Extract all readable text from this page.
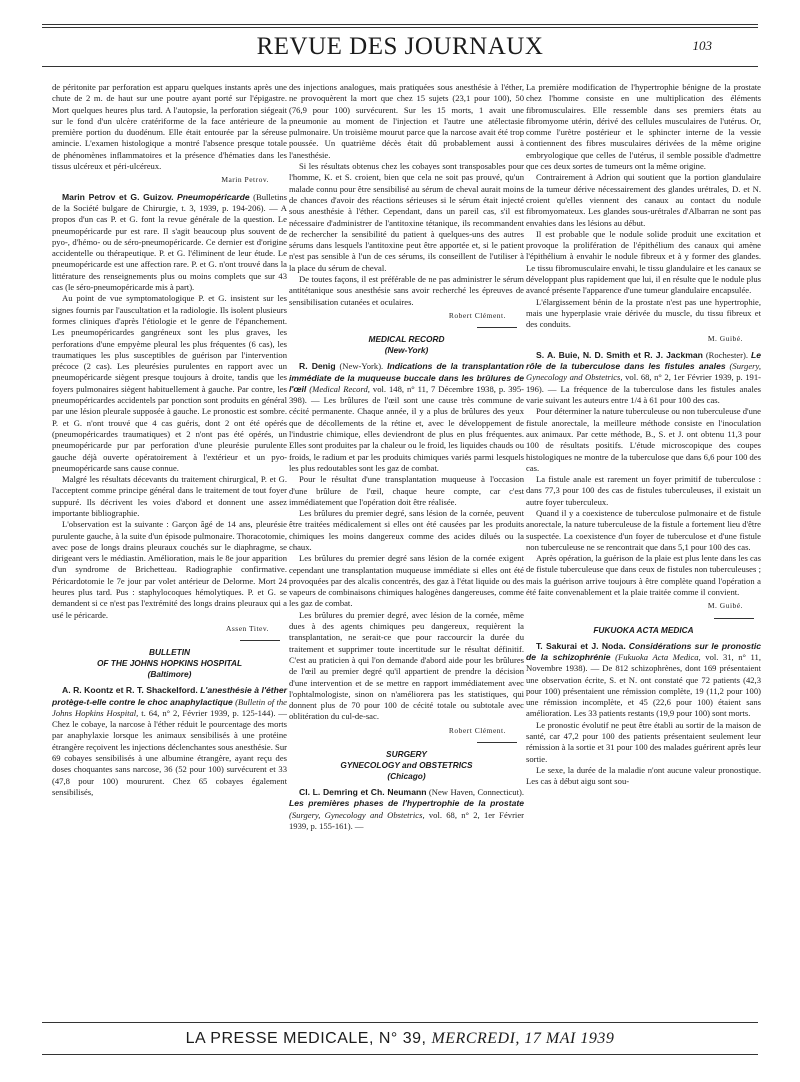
REVUE DES JOURNAUX	103

de péritonite par perforation est apparu quelques instants après une chute de 2 m. de haut sur une poutre ayant porté sur l'épigastre. Mort quelques heures plus tard. A l'autopsie, la perforation siégeait sur le fond d'un ulcère cratériforme de la face antérieure de la première portion du duodénum. Elle était entourée par la séreuse amincie. L'examen histologique a montré l'absence presque totale de phénomènes inflammatoires et la présence d'hématies dans les tissus ulcéreux et péri-ulcéreux.

Marin Petrov.

Marin Petrov et G. Guizov. Pneumopéricarde (Bulletins de la Société bulgare de Chirurgie, t. 3, 1939, p. 194-206). — A propos d'un cas P. et G. font la revue générale de la question. Le pneumopéricarde pur est rare. Il s'agit beaucoup plus souvent de pyo-, d'hémo- ou de séro-pneumopéricarde. Ce dernier est d'origine accidentelle ou thérapeutique. P. et G. l'éliminent de leur étude. Le pneumopéricarde est une affection rare. P. et G. n'ont trouvé dans la littérature des renseignements plus ou moins complets que sur 43 cas (le séro-pneumopéricarde mis à part).

Au point de vue symptomatologique P. et G. insistent sur les signes fournis par l'auscultation et la radiologie. Ils isolent plusieurs formes cliniques d'après l'étiologie et le genre de l'épanchement. Les pneumopéricardes gangréneux sont les plus graves, les perforations d'une empyème pleural les plus fréquentes (6 cas), les traumatiques les plus susceptibles de guérison par l'intervention précoce (2 cas). Les pleurésies purulentes en rapport avec un pneumopéricarde siègent presque toujours à droite, tandis que les foyers pulmonaires siègent habituellement à gauche. Par contre, les pneumopéricardes accidentels par ponction sont produits en général par une lésion pleurale supposée à gauche. Le pronostic est sombre. P. et G. n'ont trouvé que 4 cas guéris, dont 2 ont été opérés (pneumopéricardes traumatiques) et 2 n'ont pas été opérés, un pneumopéricarde pur par perforation d'une pleurésie purulente gauche déjà ouverte opératoirement à l'extérieur et un pyo-pneumopéricarde sans cause connue.

Malgré les résultats décevants du traitement chirurgical, P. et G. l'acceptent comme principe général dans le traitement de tout foyer suppuré. Ils décrivent les voies d'abord et donnent une assez importante bibliographie.

L'observation est la suivante : Garçon âgé de 14 ans, pleurésie purulente gauche, à la suite d'un épisode pulmonaire. Thoracotomie, avec pose de longs drains pleuraux couchés sur le diaphragme, se dirigeant vers le médiastin. Amélioration, mais le 8e jour apparition d'un syndrome de Brichetteau. Radiographie confirmative. Péricardotomie le 7e jour par volet antérieur de Delorme. Mort 24 heures plus tard. Pus : staphylocoques hémolytiques. P. et G. se demandent si ce n'est pas l'extrémité des longs drains pleuraux qui a usé le péricarde.

Assen Titev.
BULLETIN
OF THE JOHNS HOPKINS HOSPITAL
(Baltimore)

A. R. Koontz et R. T. Shackelford. L'anesthésie à l'éther protège-t-elle contre le choc anaphylactique (Bulletin of the Johns Hopkins Hospital, t. 64, n° 2, Février 1939, p. 125-144). — Chez le cobaye, la narcose à l'éther réduit le pourcentage des morts par anaphylaxie lorsque les animaux sensibilisés à une protéine étrangère reçoivent les injections déclenchantes sous anesthésie. Sur 69 cobayes sensibilisés à une albumine étrangère, ayant reçu des doses choquantes sans narcose, 36 (52 pour 100) survécurent et 33 (47,8 pour 100) moururent. Chez 65 cobayes également sensibilisés,

des injections analogues, mais pratiquées sous anesthésie à l'éther, ne provoquèrent la mort que chez 15 sujets (23,1 pour 100), 50 (76,9 pour 100) survécurent. Sur les 15 morts, 1 avait une pneumonie au moment de l'injection et l'autre une atélectasie pulmonaire. Un troisième mourut parce que la narcose avait été trop poussée. Un quatrième décès était dû probablement aussi à l'anesthésie.

Si les résultats obtenus chez les cobayes sont transposables pour l'homme, K. et S. croient, bien que cela ne soit pas prouvé, qu'un malade connu pour être sensibilisé au sérum de cheval aurait moins de chances d'avoir des réactions sérieuses si le sérum était injecté sous anesthésie à l'éther. Cependant, dans un pareil cas, s'il est nécessaire d'administrer de l'antitoxine tétanique, ils recommandent de rechercher la sensibilité du patient à quelques-uns des autres sérums dans lesquels l'antitoxine peut être apportée et, si le patient n'est pas sensible à l'un de ces sérums, ils conseillent de l'utiliser à la place du sérum de cheval.

De toutes façons, il est préférable de ne pas administrer le sérum antitétanique sous anesthésie sans avoir recherché les épreuves de sensibilisation cutanées et oculaires.

Robert Clément.
MEDICAL RECORD
(New-York)

R. Denig (New-York). Indications de la transplantation immédiate de la muqueuse buccale dans les brûlures de l'œil (Medical Record, vol. 148, n° 11, 7 Décembre 1938, p. 395-398). — Les brûlures de l'œil sont une cause très commune de cécité permanente. Chaque année, il y a plus de brûlures des yeux que de décollements de la rétine et, avec le développement de l'industrie chimique, elles deviendront de plus en plus fréquentes. Elles sont produites par la chaleur ou le froid, les liquides chauds ou froids, le radium et par les produits chimiques variés parmi lesquels les plus redoutables sont les gaz de combat.

Pour le résultat d'une transplantation muqueuse à l'occasion d'une brûlure de l'œil, chaque heure compte, car c'est immédiatement que l'opération doit être réalisée.

Les brûlures du premier degré, sans lésion de la cornée, peuvent être traitées médicalement si elles ont été causées par les produits chimiques les moins dangereux comme des acides dilués ou la chaux.

Les brûlures du premier degré sans lésion de la cornée exigent cependant une transplantation muqueuse immédiate si elles ont été provoquées par des alcalis concentrés, des gaz à l'état liquide ou des vapeurs de combinaisons chimiques halogènes dangereuses, comme les gaz de combat.

Les brûlures du premier degré, avec lésion de la cornée, même dues à des agents chimiques peu dangereux, requièrent la transplantation, ne serait-ce que pour raccourcir la durée du traitement et supprimer toute incertitude sur le résultat définitif. C'est au praticien à qui l'on demande d'abord aide pour les brûlures de l'œil au premier degré qu'il appartient de prendre la décision d'une intervention et de se mettre en rapport immédiatement avec l'ophtalmologiste, sinon on n'améliorera pas les statistiques, qui donnent plus de 70 pour 100 de cécité totale ou subtotale avec oblitération du cul-de-sac.

Robert Clément.
SURGERY
GYNECOLOGY and OBSTETRICS
(Chicago)

Cl. L. Demring et Ch. Neumann (New Haven, Connecticut). Les premières phases de l'hypertrophie de la prostate (Surgery, Gynecology and Obstetrics, vol. 68, n° 2, 1er Février 1939, p. 155-161). —

La première modification de l'hypertrophie bénigne de la prostate chez l'homme consiste en une multiplication des éléments fibromusculaires. Elle ressemble dans ses premiers états au fibromyome utérin, dérivé des cellules musculaires de l'utérus. Or, comme l'urètre postérieur et le sphincter interne de la vessie contiennent des fibres musculaires dérivées de la même origine embryologique que celles de l'utérus, il semble possible d'admettre que ces deux sortes de tumeurs ont la même origine.

Contrairement à Adrion qui soutient que la portion glandulaire de la tumeur dérive nécessairement des glandes urétrales, D. et N. croient qu'elles viennent des canaux au contact du nodule fibromyomateux. Les glandes sous-urétrales d'Albarran ne sont pas envahies dans les lésions au début.

Il est probable que le nodule solide produit une excitation et provoque la prolifération de l'épithélium des canaux qui amène l'épithélium à envahir le nodule fibreux et à y former des glandes. Le tissu fibromusculaire envahi, le tissu glandulaire et les canaux se développant plus rapidement que lui, il en résulte que le nodule plus avancé présente l'apparence d'une tumeur glandulaire encapsulée.

L'élargissement bénin de la prostate n'est pas une hypertrophie, mais une hyperplasie vraie dérivée du muscle, du tissu fibreux et des conduits.

M. Guibé.

S. A. Buie, N. D. Smith et R. J. Jackman (Rochester). Le rôle de la tuberculose dans les fistules anales (Surgery, Gynecology and Obstetrics, vol. 68, n° 2, 1er Février 1939, p. 191-196). — La fréquence de la tuberculose dans les fistules anales varie suivant les auteurs entre 1/4 à 61 pour 100 des cas.

Pour déterminer la nature tuberculeuse ou non tuberculeuse d'une fistule anorectale, la meilleure méthode consiste en l'inoculation aux animaux. Par cette méthode, B., S. et J. ont obtenu 11,3 pour 100 de résultats positifs. L'étude microscopique des coupes histologiques ne montre de la tuberculose que dans 6,6 pour 100 des cas.

La fistule anale est rarement un foyer primitif de tuberculose : dans 77,3 pour 100 des cas de fistules tuberculeuses, il existait un autre foyer tuberculeux.

Quand il y a coexistence de tuberculose pulmonaire et de fistule anorectale, la nature tuberculeuse de la fistule a fortement lieu d'être suspectée. La coexistence d'un foyer de tuberculose et d'une fistule non tuberculeuse ne se rencontrait que dans 5,1 pour 100 des cas.

Après opération, la guérison de la plaie est plus lente dans les cas de fistule tuberculeuse que dans ceux de fistules non tuberculeuses ; mais la guérison arrive toujours à être complète quand l'opération a été faite convenablement et la plaie traitée comme il convient.

M. Guibé.
FUKUOKA ACTA MEDICA

T. Sakurai et J. Noda. Considérations sur le pronostic de la schizophrénie (Fukuoka Acta Medica, vol. 31, n° 11, Novembre 1938). — De 812 schizophrènes, dont 169 présentaient une observation écrite, S. et N. ont constaté que 72 patients (42,3 pour 100) présentaient une rémission complète, 19 (11,2 pour 100) une rémission incomplète, et 45 (22,6 pour 100) étaient sans amélioration. Les 33 patients restants (19,9 pour 100) sont morts.

Le pronostic évolutif ne peut être établi au sortir de la maison de santé, car 47,2 pour 100 des patients présentaient seulement leur rémission à la sortie et 31 pour 100 des malades guérirent après leur sortie.

Le sexe, la durée de la maladie n'ont aucune valeur pronostique. Les cas à début aigu sont sou-

LA PRESSE MEDICALE, N° 39, MERCREDI, 17 MAI 1939
